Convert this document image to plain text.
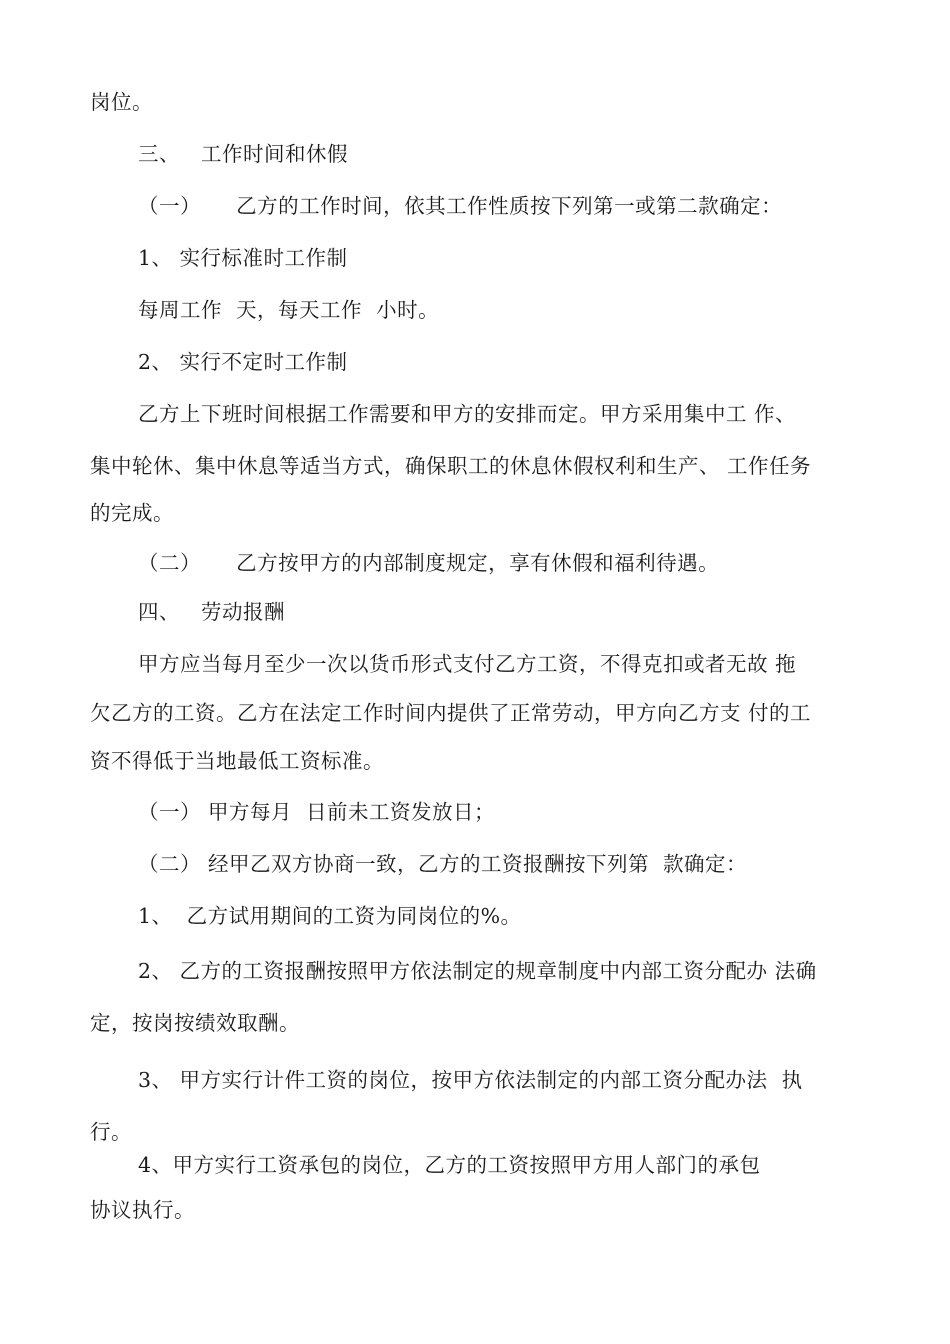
岗位。
三、   工作时间和休假
（一）     乙方的工作时间，依其工作性质按下列第一或第二款确定：
1、 实行标准时工作制
每周工作  天，每天工作  小时。
2、 实行不定时工作制
乙方上下班时间根据工作需要和甲方的安排而定。甲方采用集中工 作、
集中轮休、集中休息等适当方式，确保职工的休息休假权利和生产、 工作任务
的完成。
（二）     乙方按甲方的内部制度规定，享有休假和福利待遇。
四、   劳动报酬
甲方应当每月至少一次以货币形式支付乙方工资，不得克扣或者无故 拖
欠乙方的工资。乙方在法定工作时间内提供了正常劳动，甲方向乙方支 付的工
资不得低于当地最低工资标准。
（一） 甲方每月  日前未工资发放日；
（二） 经甲乙双方协商一致，乙方的工资报酬按下列第  款确定：
1、  乙方试用期间的工资为同岗位的%。
2、 乙方的工资报酬按照甲方依法制定的规章制度中内部工资分配办 法确
定，按岗按绩效取酬。
3、 甲方实行计件工资的岗位，按甲方依法制定的内部工资分配办法  执
行。
4、甲方实行工资承包的岗位，乙方的工资按照甲方用人部门的承包
协议执行。
